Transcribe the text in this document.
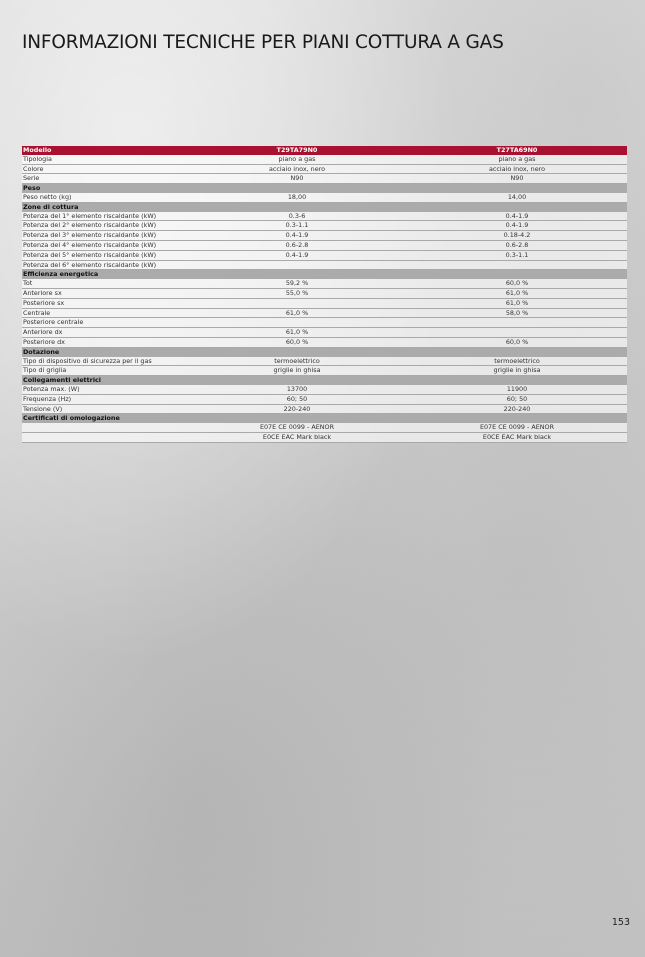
INFORMAZIONI TECNICHE PER PIANI COTTURA A GAS
Modello	T29TA79N0	T27TA69N0
Tipologia	piano a gas	piano a gas
Colore	acciaio inox, nero	acciaio inox, nero
Serie	N90	N90
Peso		
Peso netto (kg)	18,00	14,00
Zone di cottura		
Potenza del 1° elemento riscaldante (kW)	0.3-6	0.4-1.9
Potenza del 2° elemento riscaldante (kW)	0.3-1.1	0.4-1.9
Potenza del 3° elemento riscaldante (kW)	0.4-1.9	0.18-4.2
Potenza del 4° elemento riscaldante (kW)	0.6-2.8	0.6-2.8
Potenza del 5° elemento riscaldante (kW)	0.4-1.9	0.3-1.1
Potenza del 6° elemento riscaldante (kW)		
Efficienza energetica		
Tot	59,2 %	60,0 %
Anteriore sx	55,0 %	61,0 %
Posteriore sx		61,0 %
Centrale	61,0 %	58,0 %
Posteriore centrale		
Anteriore dx	61,0 %	
Posteriore dx	60,0 %	60,0 %
Dotazione		
Tipo di dispositivo di sicurezza per il gas	termoelettrico	termoelettrico
Tipo di griglia	griglie in ghisa	griglie in ghisa
Collegamenti elettrici		
Potenza max. (W)	13700	11900
Frequenza (Hz)	60; 50	60; 50
Tensione (V)	220-240	220-240
Certificati di omologazione		
	E07E CE 0099 - AENOR	E07E CE 0099 - AENOR
	E0CE EAC Mark black	E0CE EAC Mark black
153
